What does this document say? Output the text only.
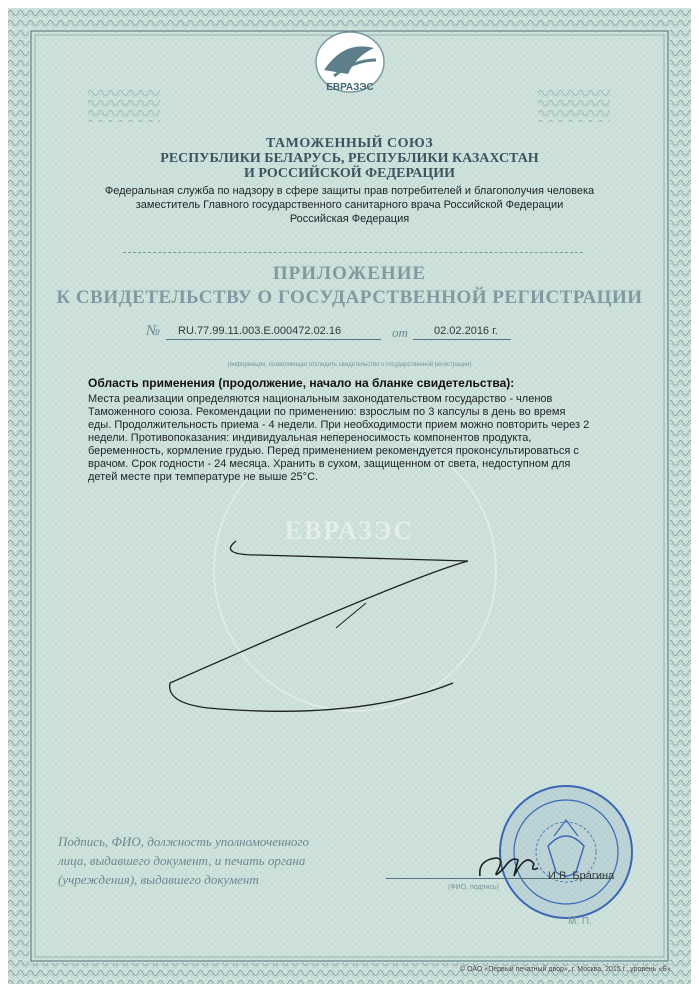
ЕВРАЗЭС

ТАМОЖЕННЫЙ СОЮЗ

РЕСПУБЛИКИ БЕЛАРУСЬ, РЕСПУБЛИКИ КАЗАХСТАН

И РОССИЙСКОЙ ФЕДЕРАЦИИ

Федеральная служба по надзору в сфере защиты прав потребителей и благополучия человека

заместитель Главного государственного санитарного врача Российской Федерации

Российская Федерация

ПРИЛОЖЕНИЕ

К СВИДЕТЕЛЬСТВУ О ГОСУДАРСТВЕННОЙ РЕГИСТРАЦИИ

№ RU.77.99.11.003.E.000472.02.16	от 02.02.2016 г.

(информация, позволяющая отследить свидетельство о государственной регистрации)

ЕВРАЗЭС

Область применения (продолжение, начало на бланке свидетельства):

Места реализации определяются национальным законодательством государство - членов

Таможенного союза. Рекомендации по применению: взрослым по 3 капсулы в день во время

еды. Продолжительность приема - 4 недели. При необходимости прием можно повторить через 2

недели. Противопоказания: индивидуальная непереносимость компонентов продукта,

беременность, кормление грудью. Перед применением рекомендуется проконсультироваться с

врачом. Срок годности - 24 месяца. Хранить в сухом, защищенном от света, недоступном для

детей месте при температуре не выше 25°С.

Подпись, ФИО, должность уполномоченного

лица, выдавшего документ, и печать органа

(учреждения), выдавшего документ	И.В. Брагина
(ФИО, подпись)
М. П.
© ОАО «Первый печатный двор», г. Москва, 2015 г., уровень «Б»
